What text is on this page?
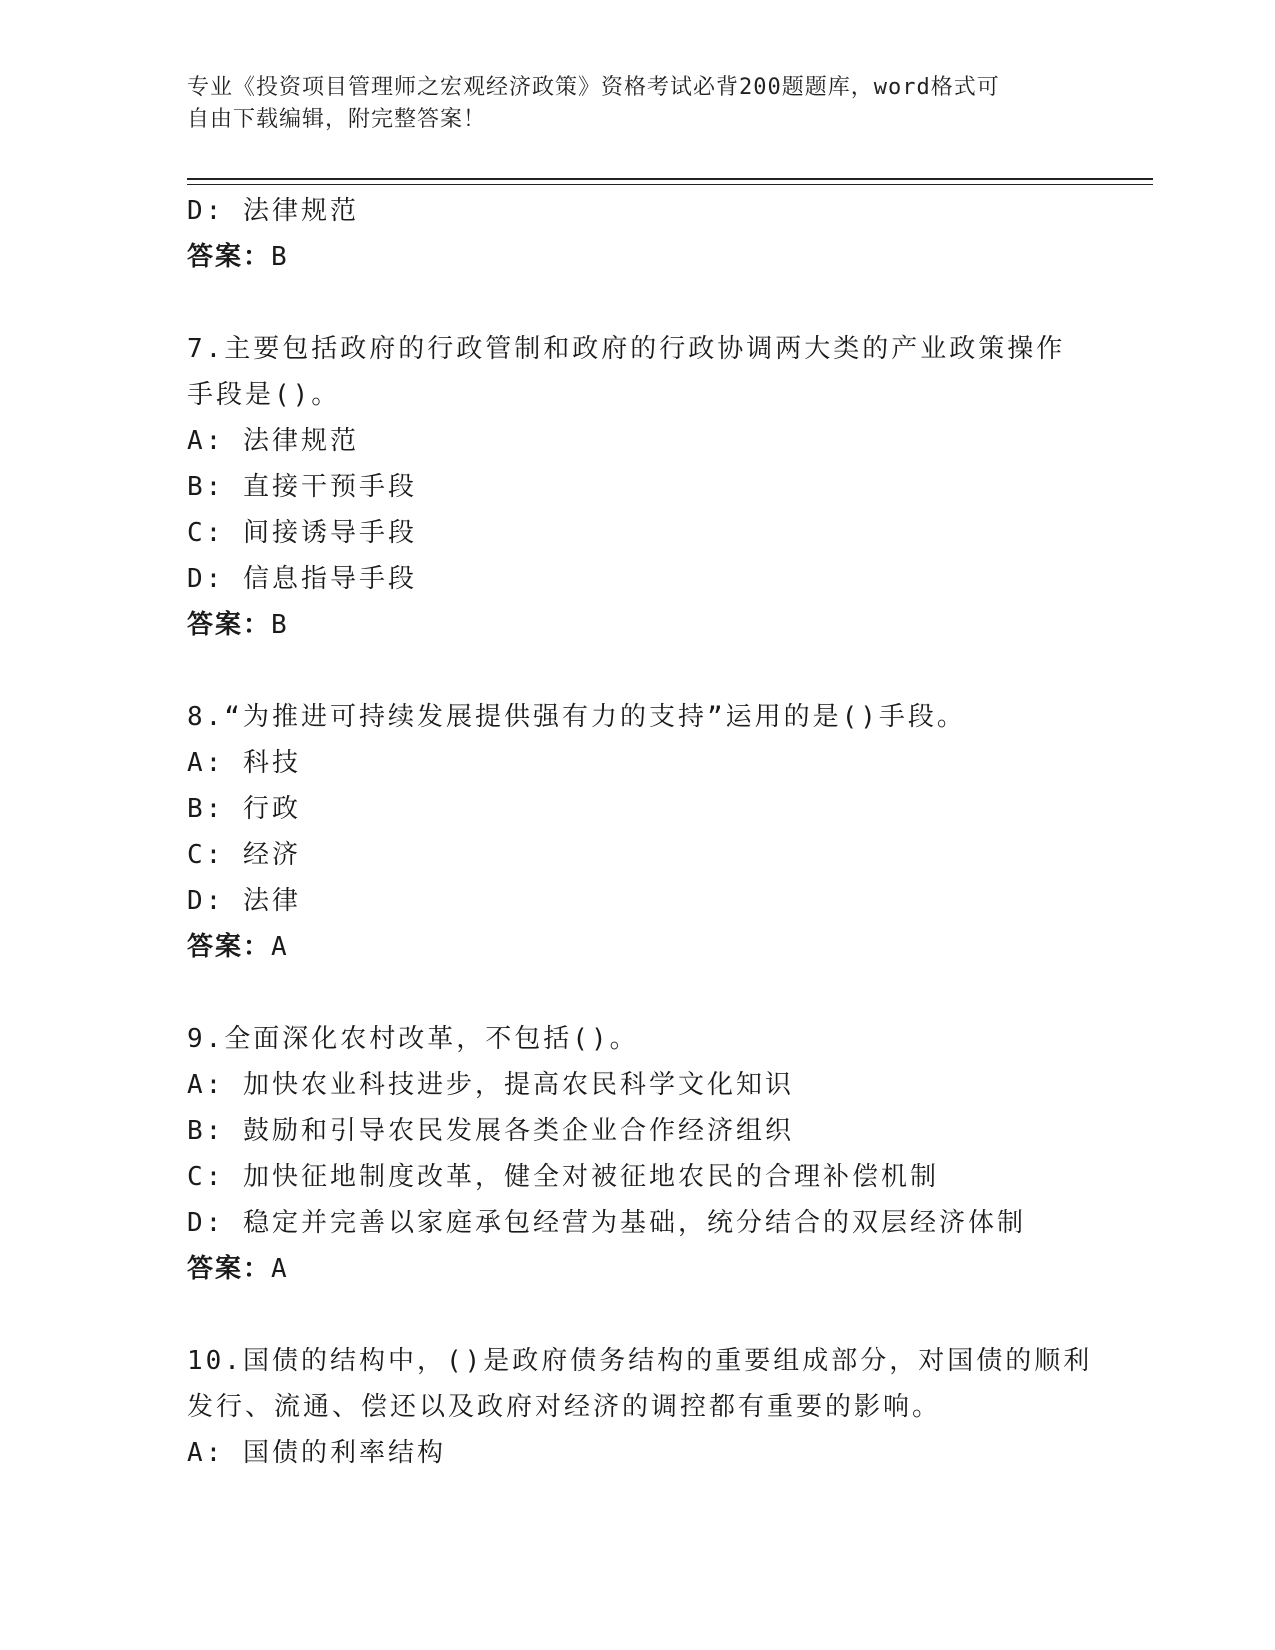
专业《投资项目管理师之宏观经济政策》资格考试必背200题题库，word格式可
自由下载编辑，附完整答案！
D: 法律规范
答案：B
7.主要包括政府的行政管制和政府的行政协调两大类的产业政策操作
手段是()。
A: 法律规范
B: 直接干预手段
C: 间接诱导手段
D: 信息指导手段
答案：B
8.“为推进可持续发展提供强有力的支持”运用的是()手段。
A: 科技
B: 行政
C: 经济
D: 法律
答案：A
9.全面深化农村改革，不包括()。
A: 加快农业科技进步，提高农民科学文化知识
B: 鼓励和引导农民发展各类企业合作经济组织
C: 加快征地制度改革，健全对被征地农民的合理补偿机制
D: 稳定并完善以家庭承包经营为基础，统分结合的双层经济体制
答案：A
10.国债的结构中，()是政府债务结构的重要组成部分，对国债的顺利
发行、流通、偿还以及政府对经济的调控都有重要的影响。
A: 国债的利率结构
